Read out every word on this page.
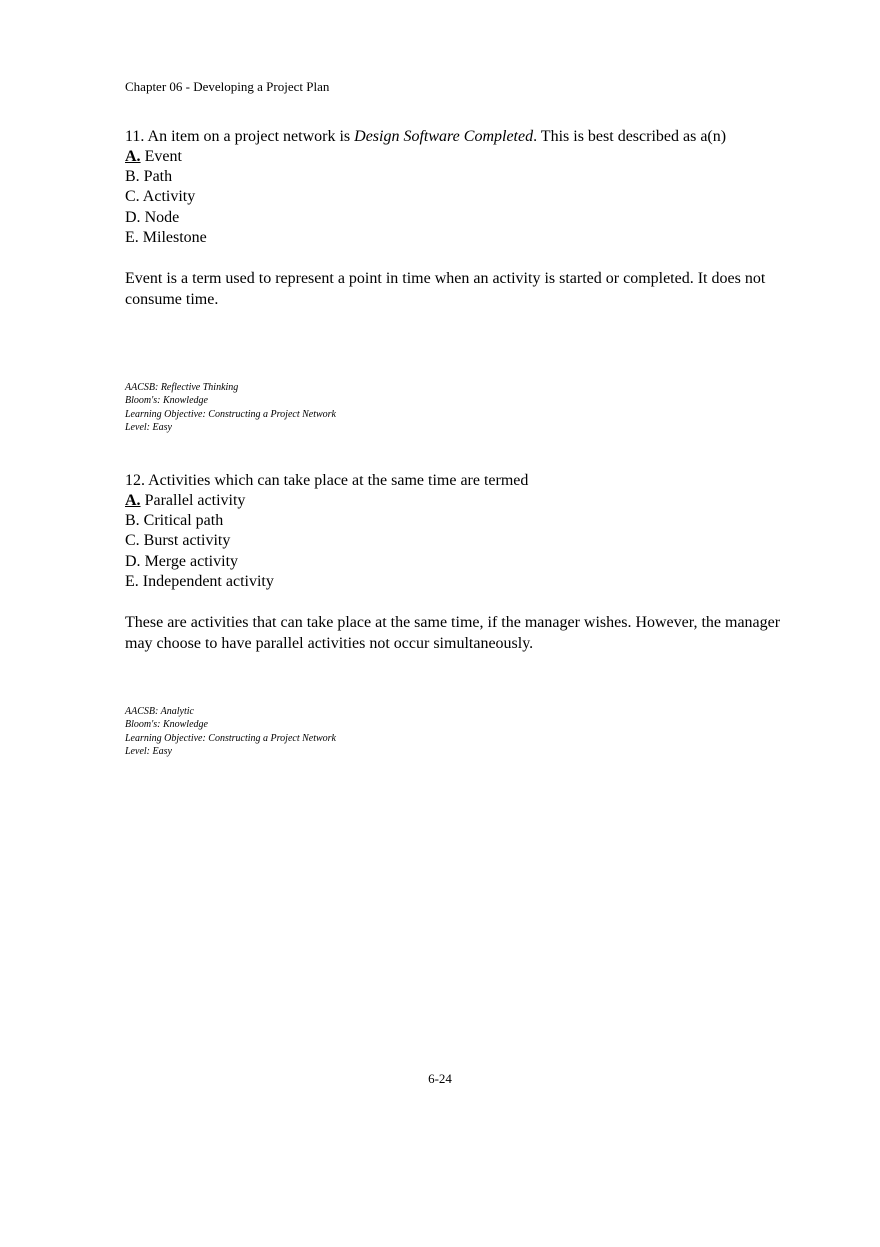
Chapter 06 - Developing a Project Plan

11. An item on a project network is Design Software Completed. This is best described as a(n)

A. Event
B. Path
C. Activity
D. Node
E. Milestone

Event is a term used to represent a point in time when an activity is started or completed. It does not consume time.

AACSB: Reflective Thinking
Bloom's: Knowledge
Learning Objective: Constructing a Project Network
Level: Easy

12. Activities which can take place at the same time are termed

A. Parallel activity
B. Critical path
C. Burst activity
D. Merge activity
E. Independent activity

These are activities that can take place at the same time, if the manager wishes. However, the manager may choose to have parallel activities not occur simultaneously.

AACSB: Analytic
Bloom's: Knowledge
Learning Objective: Constructing a Project Network
Level: Easy
6-24
